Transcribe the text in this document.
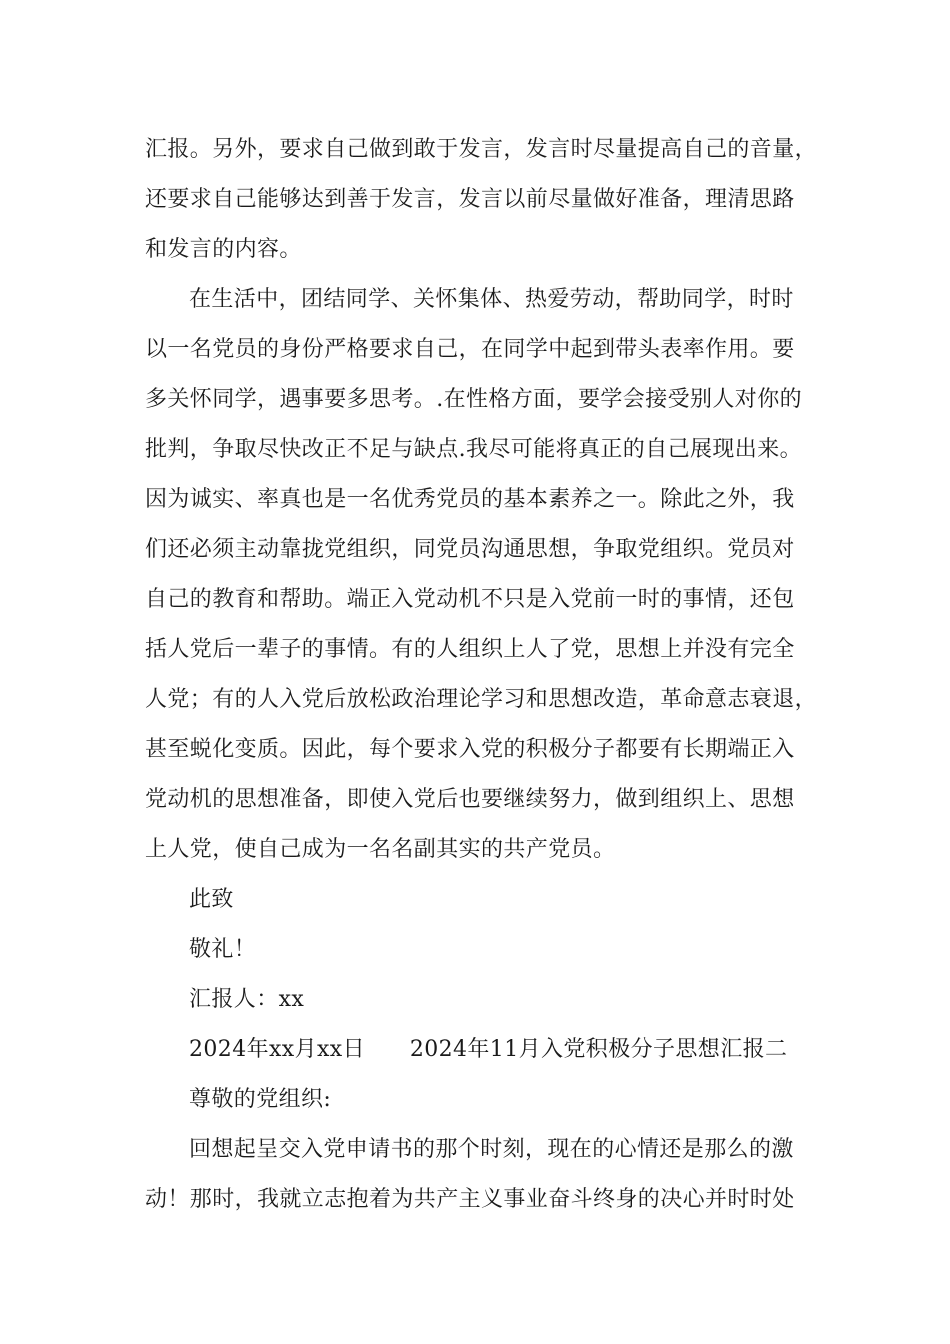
汇报。另外，要求自己做到敢于发言，发言时尽量提高自己的音量，
还要求自己能够达到善于发言，发言以前尽量做好准备，理清思路
和发言的内容。
在生活中，团结同学、关怀集体、热爱劳动，帮助同学，时时
以一名党员的身份严格要求自己，在同学中起到带头表率作用。要
多关怀同学，遇事要多思考。.在性格方面，要学会接受别人对你的
批判，争取尽快改正不足与缺点.我尽可能将真正的自己展现出来。
因为诚实、率真也是一名优秀党员的基本素养之一。除此之外，我
们还必须主动靠拢党组织，同党员沟通思想，争取党组织。党员对
自己的教育和帮助。端正入党动机不只是入党前一时的事情，还包
括人党后一辈子的事情。有的人组织上人了党，思想上并没有完全
人党；有的人入党后放松政治理论学习和思想改造，革命意志衰退，
甚至蜕化变质。因此，每个要求入党的积极分子都要有长期端正入
党动机的思想准备，即使入党后也要继续努力，做到组织上、思想
上人党，使自己成为一名名副其实的共产党员。
此致
敬礼！
汇报人：xx
2024年xx月xx日　　2024年11月入党积极分子思想汇报二
尊敬的党组织:
回想起呈交入党申请书的那个时刻，现在的心情还是那么的激
动！那时，我就立志抱着为共产主义事业奋斗终身的决心并时时处
